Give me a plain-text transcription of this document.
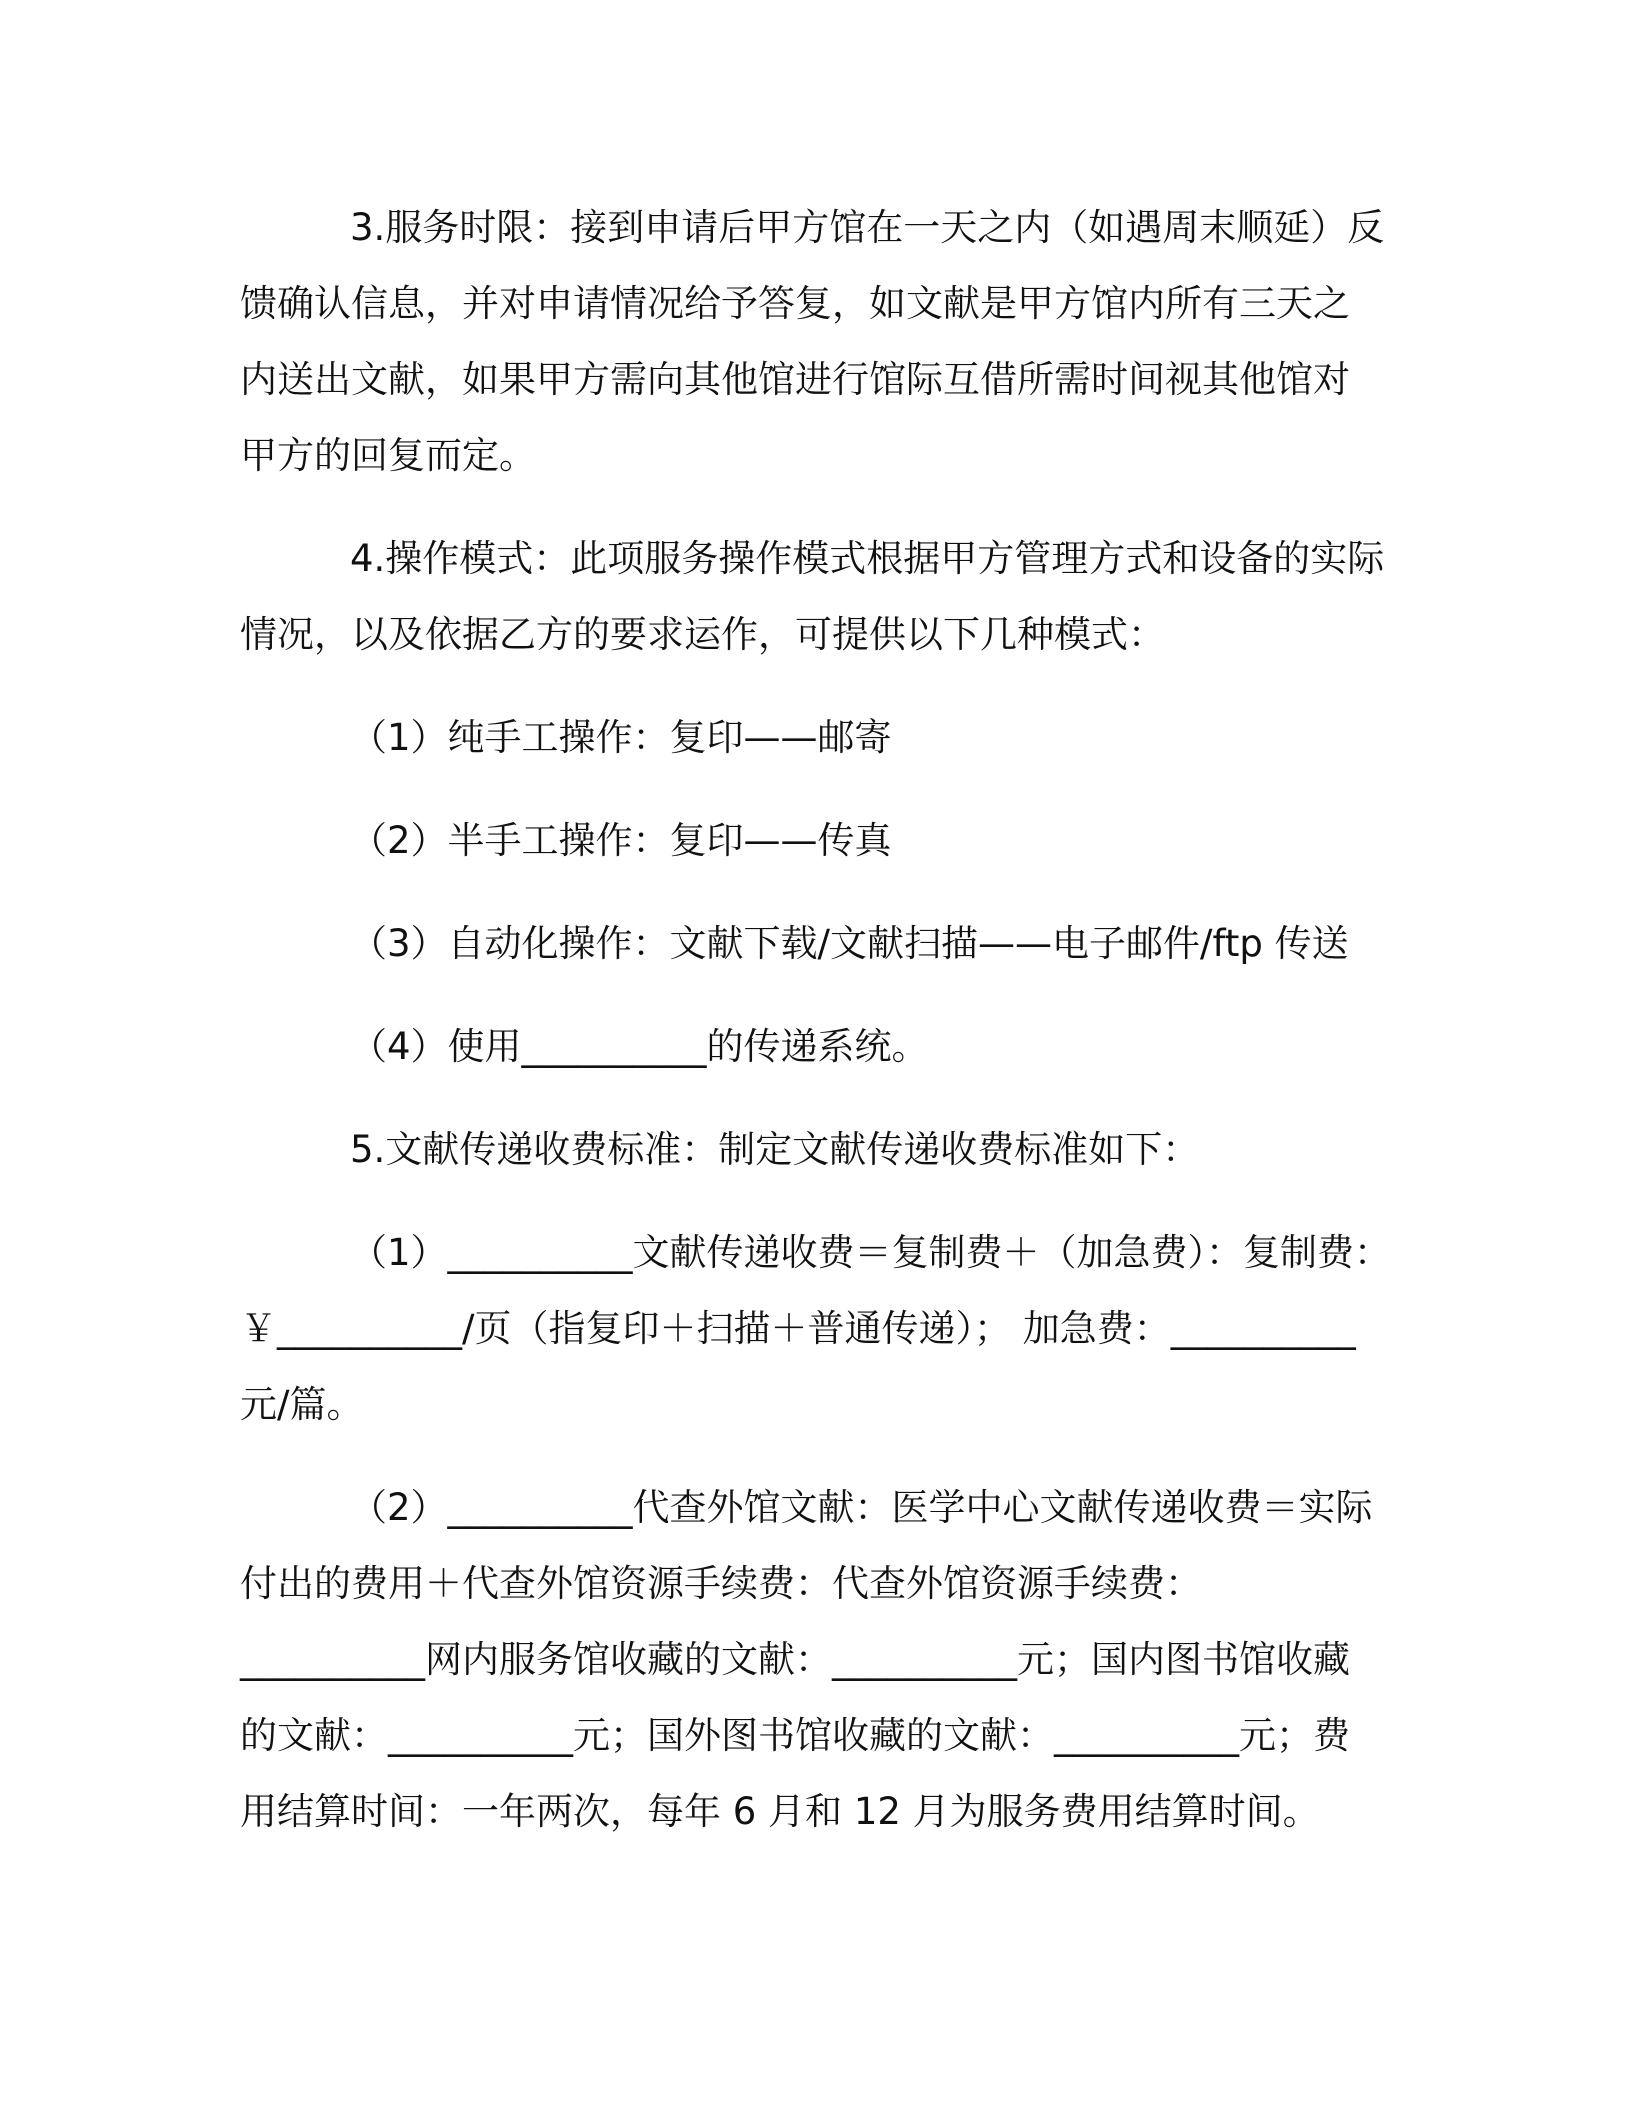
3.服务时限：接到申请后甲方馆在一天之内（如遇周末顺延）反
馈确认信息，并对申请情况给予答复，如文献是甲方馆内所有三天之
内送出文献，如果甲方需向其他馆进行馆际互借所需时间视其他馆对
甲方的回复而定。
4.操作模式：此项服务操作模式根据甲方管理方式和设备的实际
情况，以及依据乙方的要求运作，可提供以下几种模式：
（1）纯手工操作：复印——邮寄
（2）半手工操作：复印——传真
（3）自动化操作：文献下载/文献扫描——电子邮件/ftp 传送
（4）使用__________的传递系统。
5.文献传递收费标准：制定文献传递收费标准如下：
（1）__________文献传递收费＝复制费＋（加急费）：复制费：
￥__________/页（指复印＋扫描＋普通传递）； 加急费：__________
元/篇。
（2）__________代查外馆文献：医学中心文献传递收费＝实际
付出的费用＋代查外馆资源手续费：代查外馆资源手续费：
__________网内服务馆收藏的文献：__________元；国内图书馆收藏
的文献：__________元；国外图书馆收藏的文献：__________元；费
用结算时间：一年两次，每年 6 月和 12 月为服务费用结算时间。
